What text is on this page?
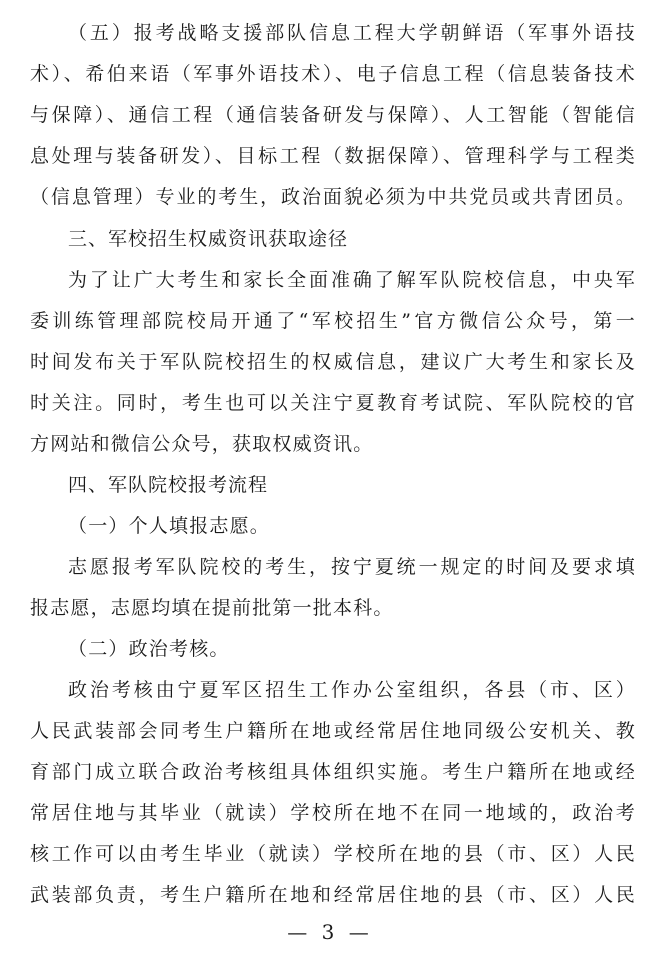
（五）报考战略支援部队信息工程大学朝鲜语（军事外语技
术）、希伯来语（军事外语技术）、电子信息工程（信息装备技术
与保障）、通信工程（通信装备研发与保障）、人工智能（智能信
息处理与装备研发）、目标工程（数据保障）、管理科学与工程类
（信息管理）专业的考生，政治面貌必须为中共党员或共青团员。
三、军校招生权威资讯获取途径
为了让广大考生和家长全面准确了解军队院校信息，中央军
委训练管理部院校局开通了“军校招生”官方微信公众号，第一
时间发布关于军队院校招生的权威信息，建议广大考生和家长及
时关注。同时，考生也可以关注宁夏教育考试院、军队院校的官
方网站和微信公众号，获取权威资讯。
四、军队院校报考流程
（一）个人填报志愿。
志愿报考军队院校的考生，按宁夏统一规定的时间及要求填
报志愿，志愿均填在提前批第一批本科。
（二）政治考核。
政治考核由宁夏军区招生工作办公室组织，各县（市、区）
人民武装部会同考生户籍所在地或经常居住地同级公安机关、教
育部门成立联合政治考核组具体组织实施。考生户籍所在地或经
常居住地与其毕业（就读）学校所在地不在同一地域的，政治考
核工作可以由考生毕业（就读）学校所在地的县（市、区）人民
武装部负责，考生户籍所在地和经常居住地的县（市、区）人民
— 3 —
